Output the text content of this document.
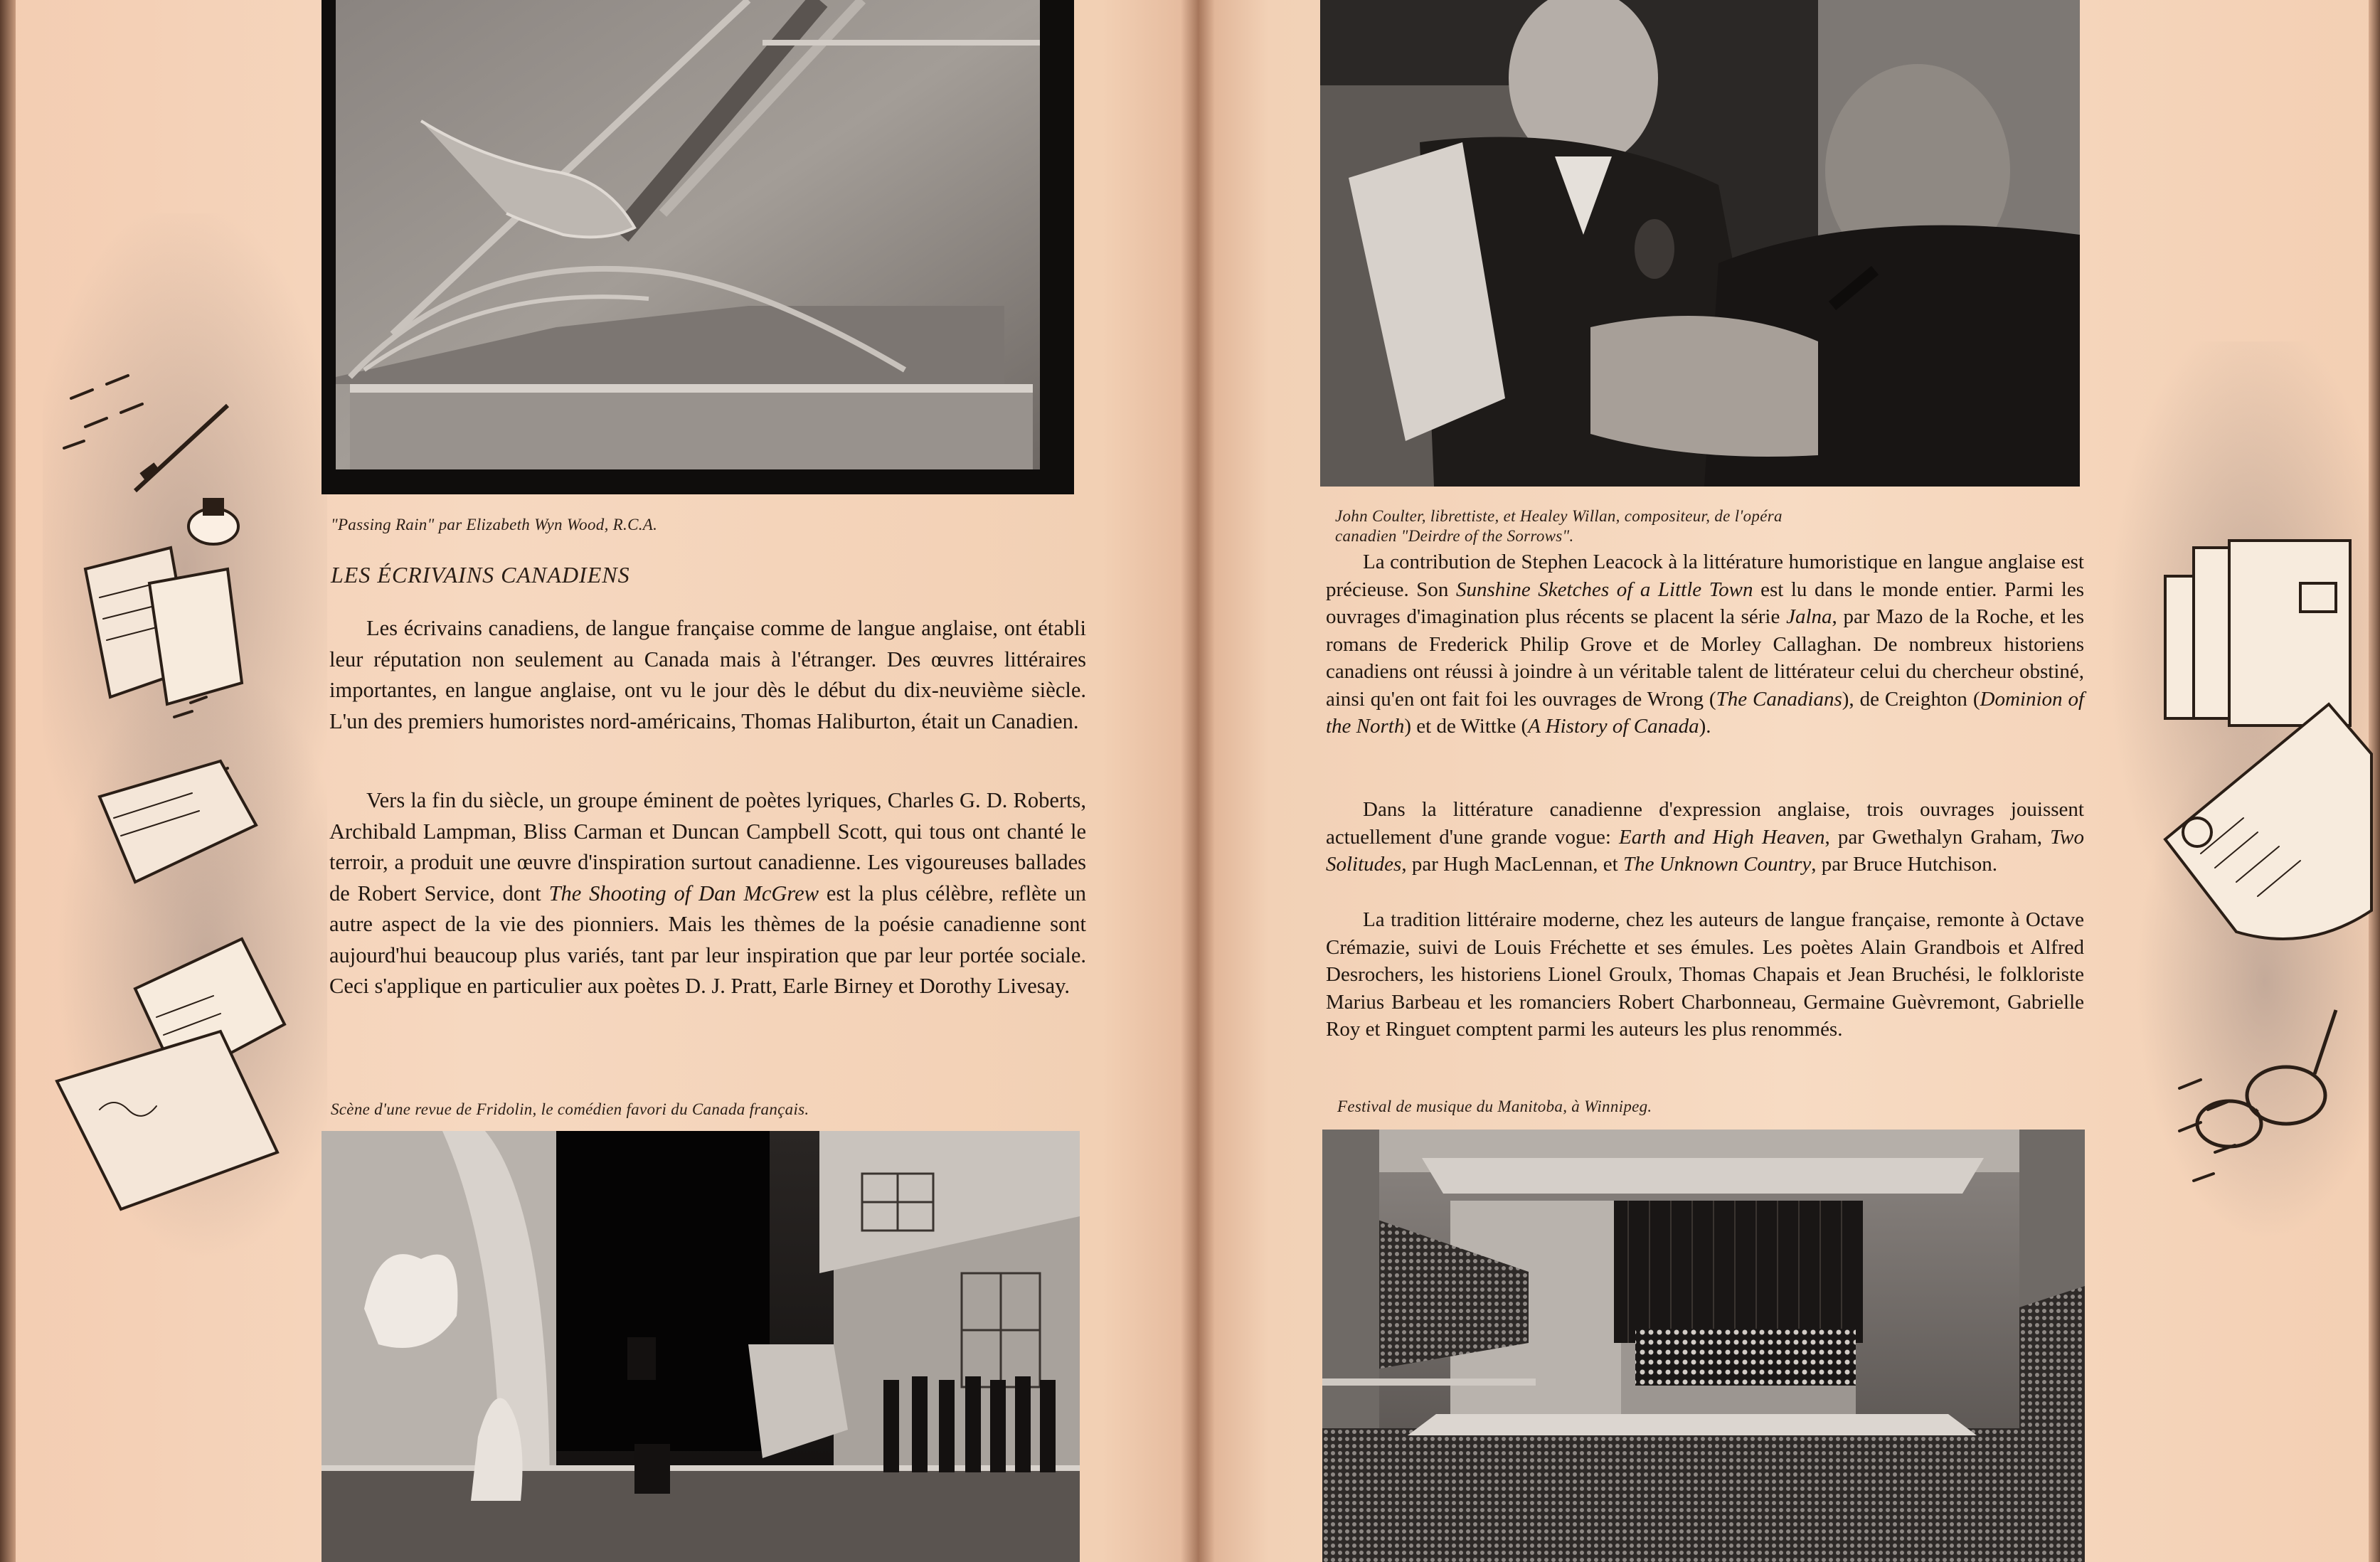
"Passing Rain" par Elizabeth Wyn Wood, R.C.A.
LES ÉCRIVAINS CANADIENS
Les écrivains canadiens, de langue française comme de langue anglaise, ont établi leur réputation non seulement au Canada mais à l'étranger. Des œuvres littéraires importantes, en langue anglaise, ont vu le jour dès le début du dix-neuvième siècle. L'un des premiers humoristes nord-américains, Thomas Haliburton, était un Canadien.
Vers la fin du siècle, un groupe éminent de poètes lyriques, Charles G. D. Roberts, Archibald Lampman, Bliss Carman et Duncan Campbell Scott, qui tous ont chanté le terroir, a produit une œuvre d'inspiration surtout canadienne. Les vigoureuses ballades de Robert Service, dont The Shooting of Dan McGrew est la plus célèbre, reflète un autre aspect de la vie des pionniers. Mais les thèmes de la poésie canadienne sont aujourd'hui beaucoup plus variés, tant par leur inspiration que par leur portée sociale. Ceci s'applique en particulier aux poètes D. J. Pratt, Earle Birney et Dorothy Livesay.
Scène d'une revue de Fridolin, le comédien favori du Canada français.
John Coulter, librettiste, et Healey Willan, compositeur, de l'opéra
canadien "Deirdre of the Sorrows".
La contribution de Stephen Leacock à la littérature humoristique en langue anglaise est précieuse. Son Sunshine Sketches of a Little Town est lu dans le monde entier. Parmi les ouvrages d'imagination plus récents se placent la série Jalna, par Mazo de la Roche, et les romans de Frederick Philip Grove et de Morley Callaghan. De nombreux historiens canadiens ont réussi à joindre à un véritable talent de littérateur celui du chercheur obstiné, ainsi qu'en ont fait foi les ouvrages de Wrong (The Canadians), de Creighton (Dominion of the North) et de Wittke (A History of Canada).
Dans la littérature canadienne d'expression anglaise, trois ouvrages jouissent actuellement d'une grande vogue: Earth and High Heaven, par Gwethalyn Graham, Two Solitudes, par Hugh MacLennan, et The Unknown Country, par Bruce Hutchison.
La tradition littéraire moderne, chez les auteurs de langue française, remonte à Octave Crémazie, suivi de Louis Fréchette et ses émules. Les poètes Alain Grandbois et Alfred Desrochers, les historiens Lionel Groulx, Thomas Chapais et Jean Bruchési, le folkloriste Marius Barbeau et les romanciers Robert Charbonneau, Germaine Guèvremont, Gabrielle Roy et Ringuet comptent parmi les auteurs les plus renommés.
Festival de musique du Manitoba, à Winnipeg.
